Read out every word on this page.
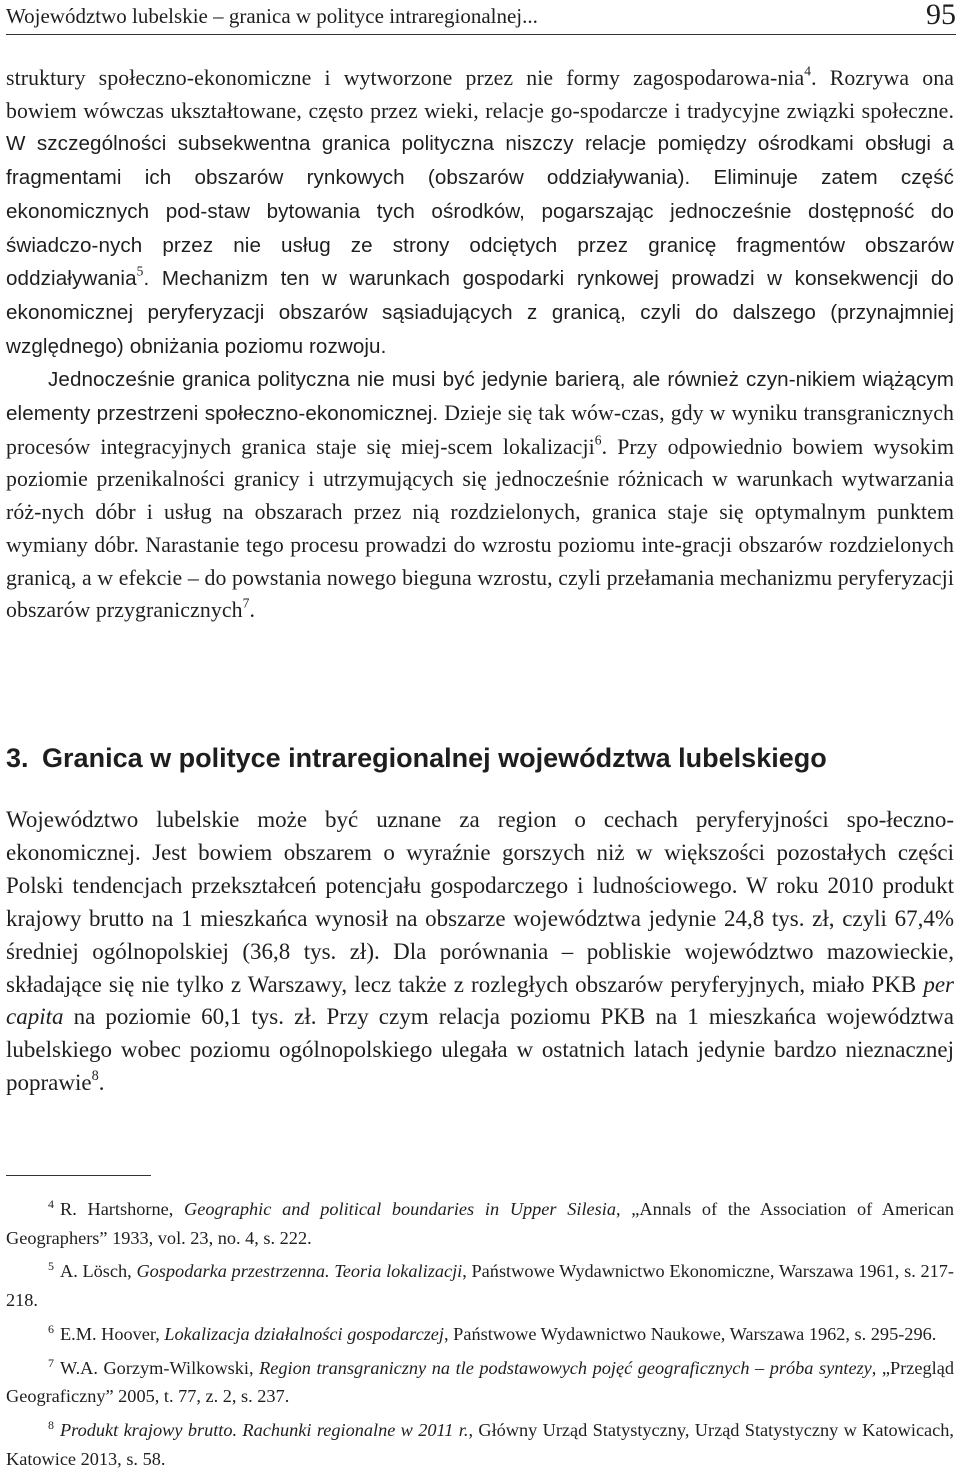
Województwo lubelskie – granica w polityce intraregionalnej...	95

struktury społeczno-ekonomiczne i wytworzone przez nie formy zagospodarowa-nia$^4$. Rozrywa ona bowiem wówczas ukształtowane, często przez wieki, relacje go-spodarcze i tradycyjne związki społeczne. W szczególności subsekwentna granica polityczna niszczy relacje pomiędzy ośrodkami obsługi a fragmentami ich obszarów rynkowych (obszarów oddziaływania). Eliminuje zatem część ekonomicznych pod-staw bytowania tych ośrodków, pogarszając jednocześnie dostępność do świadczo-nych przez nie usług ze strony odciętych przez granicę fragmentów obszarów oddziaływania$^5$. Mechanizm ten w warunkach gospodarki rynkowej prowadzi w konsekwencji do ekonomicznej peryferyzacji obszarów sąsiadujących z granicą, czyli do dalszego (przynajmniej względnego) obniżania poziomu rozwoju.

Jednocześnie granica polityczna nie musi być jedynie barierą, ale również czyn-nikiem wiążącym elementy przestrzeni społeczno-ekonomicznej. Dzieje się tak wów-czas, gdy w wyniku transgranicznych procesów integracyjnych granica staje się miej-scem lokalizacji$^6$. Przy odpowiednio bowiem wysokim poziomie przenikalności granicy i utrzymujących się jednocześnie różnicach w warunkach wytwarzania róż-nych dóbr i usług na obszarach przez nią rozdzielonych, granica staje się optymalnym punktem wymiany dóbr. Narastanie tego procesu prowadzi do wzrostu poziomu inte-gracji obszarów rozdzielonych granicą, a w efekcie – do powstania nowego bieguna wzrostu, czyli przełamania mechanizmu peryferyzacji obszarów przygranicznych$^7$.

3. Granica w polityce intraregionalnej województwa lubelskiego

Województwo lubelskie może być uznane za region o cechach peryferyjności spo-łeczno-ekonomicznej. Jest bowiem obszarem o wyraźnie gorszych niż w większości pozostałych części Polski tendencjach przekształceń potencjału gospodarczego i ludnościowego. W roku 2010 produkt krajowy brutto na 1 mieszkańca wynosił na obszarze województwa jedynie 24,8 tys. zł, czyli 67,4% średniej ogólnopolskiej (36,8 tys. zł). Dla porównania – pobliskie województwo mazowieckie, składające się nie tylko z Warszawy, lecz także z rozległych obszarów peryferyjnych, miało PKB per capita na poziomie 60,1 tys. zł. Przy czym relacja poziomu PKB na 1 mieszkańca województwa lubelskiego wobec poziomu ogólnopolskiego ulegała w ostatnich latach jedynie bardzo nieznacznej poprawie$^8$.

$^4$ R. Hartshorne, Geographic and political boundaries in Upper Silesia, „Annals of the Association of American Geographers” 1933, vol. 23, no. 4, s. 222.

$^5$ A. Lösch, Gospodarka przestrzenna. Teoria lokalizacji, Państwowe Wydawnictwo Ekonomiczne, Warszawa 1961, s. 217-218.

$^6$ E.M. Hoover, Lokalizacja działalności gospodarczej, Państwowe Wydawnictwo Naukowe, Warszawa 1962, s. 295-296.

$^7$ W.A. Gorzym-Wilkowski, Region transgraniczny na tle podstawowych pojęć geograficznych – próba syntezy, „Przegląd Geograficzny” 2005, t. 77, z. 2, s. 237.

$^8$ Produkt krajowy brutto. Rachunki regionalne w 2011 r., Główny Urząd Statystyczny, Urząd Statystyczny w Katowicach, Katowice 2013, s. 58.
